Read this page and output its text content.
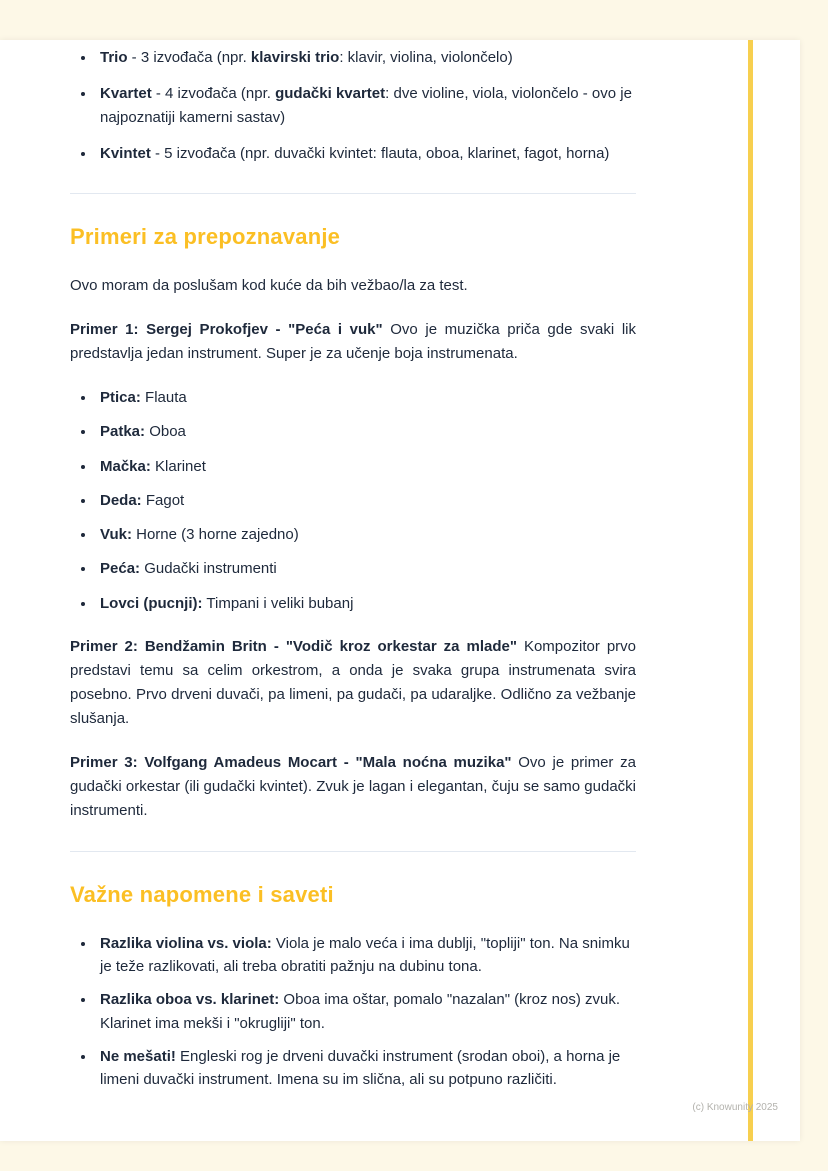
• Trio - 3 izvođača (npr. klavirski trio: klavir, violina, violončelo)
• Kvartet - 4 izvođača (npr. gudački kvartet: dve violine, viola, violončelo - ovo je najpoznatiji kamerni sastav)
• Kvintet - 5 izvođača (npr. duvački kvintet: flauta, oboa, klarinet, fagot, horna)
Primeri za prepoznavanje

Ovo moram da poslušam kod kuće da bih vežbao/la za test.

Primer 1: Sergej Prokofjev - "Peća i vuk" Ovo je muzička priča gde svaki lik predstavlja jedan instrument. Super je za učenje boja instrumenata.

• Ptica: Flauta
• Patka: Oboa
• Mačka: Klarinet
• Deda: Fagot
• Vuk: Horne (3 horne zajedno)
• Peća: Gudački instrumenti
• Lovci (pucnji): Timpani i veliki bubanj

Primer 2: Bendžamin Britn - "Vodič kroz orkestar za mlade" Kompozitor prvo predstavi temu sa celim orkestrom, a onda je svaka grupa instrumenata svira posebno. Prvo drveni duvači, pa limeni, pa gudači, pa udaraljke. Odlično za vežbanje slušanja.

Primer 3: Volfgang Amadeus Mocart - "Mala noćna muzika" Ovo je primer za gudački orkestar (ili gudački kvintet). Zvuk je lagan i elegantan, čuju se samo gudački instrumenti.

Važne napomene i saveti
• Razlika violina vs. viola: Viola je malo veća i ima dublji, "topliji" ton. Na snimku je teže razlikovati, ali treba obratiti pažnju na dubinu tona.
• Razlika oboa vs. klarinet: Oboa ima oštar, pomalo "nazalan" (kroz nos) zvuk. Klarinet ima mekši i "okrugliji" ton.
• Ne mešati! Engleski rog je drveni duvački instrument (srodan oboi), a horna je limeni duvački instrument. Imena su im slična, ali su potpuno različiti.
(c) Knowunity 2025
